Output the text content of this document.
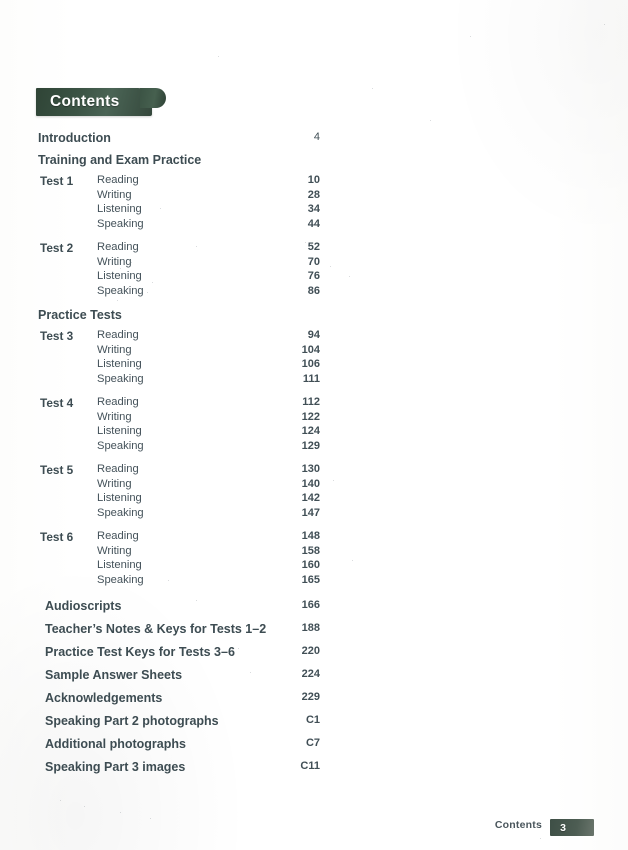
Contents
Introduction	4
Training and Exam Practice
Test 1 Reading	10
Writing	28
Listening	34
Speaking	44
Test 2 Reading	52
Writing	70
Listening	76
Speaking	86
Practice Tests
Test 3 Reading	94
Writing	104
Listening	106
Speaking	111
Test 4 Reading	112
Writing	122
Listening	124
Speaking	129
Test 5 Reading	130
Writing	140
Listening	142
Speaking	147
Test 6 Reading	148
Writing	158
Listening	160
Speaking	165
Audioscripts	166
Teacher’s Notes & Keys for Tests 1–2	188
Practice Test Keys for Tests 3–6	220
Sample Answer Sheets	224
Acknowledgements	229
Speaking Part 2 photographs	C1
Additional photographs	C7
Speaking Part 3 images	C11
Contents 3
